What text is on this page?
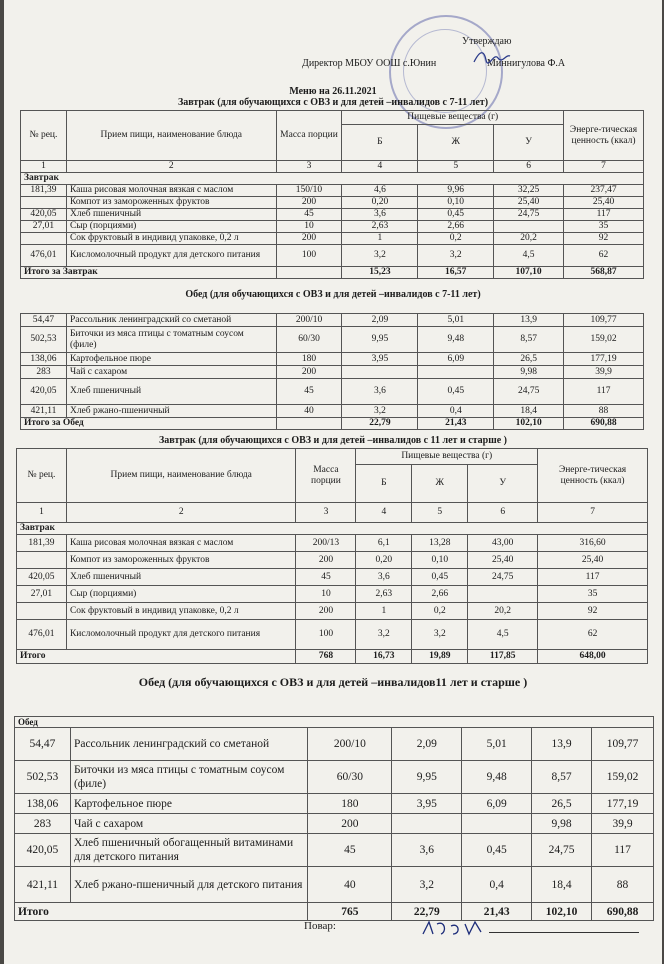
Утверждаю
Директор МБОУ ООШ с.Юнин	Миннигулова Ф.А
Меню на 26.11.2021
Завтрак (для обучающихся с ОВЗ и для детей –инвалидов с 7-11 лет)
№ рец.	Прием пищи, наименование блюда	Масса порции	Пищевые вещества (г)			Энерге-тическая ценность (ккал)
			Б	Ж	У	
1	2	3	4	5	6	7
Завтрак						
181,39	Каша рисовая молочная вязкая с маслом	150/10	4,6	9,96	32,25	237,47
	Компот из замороженных фруктов	200	0,20	0,10	25,40	25,40
420,05	Хлеб пшеничный	45	3,6	0,45	24,75	117
27,01	Сыр (порциями)	10	2,63	2,66		35
	Сок фруктовый в индивид упаковке, 0,2 л	200	1	0,2	20,2	92
476,01	Кисломолочный продукт для детского питания	100	3,2	3,2	4,5	62
Итого за Завтрак			15,23	16,57	107,10	568,87
Обед (для обучающихся с ОВЗ и для детей –инвалидов с 7-11 лет)
54,47	Рассольник ленинградский со сметаной	200/10	2,09	5,01	13,9	109,77
502,53	Биточки из мяса птицы с томатным соусом (филе)	60/30	9,95	9,48	8,57	159,02
138,06	Картофельное пюре	180	3,95	6,09	26,5	177,19
283	Чай с сахаром	200			9,98	39,9
420,05	Хлеб пшеничный	45	3,6	0,45	24,75	117
421,11	Хлеб ржано-пшеничный	40	3,2	0,4	18,4	88
Итого за Обед			22,79	21,43	102,10	690,88
Завтрак (для обучающихся с ОВЗ и для детей –инвалидов с 11 лет и старше )
№ рец.	Прием пищи, наименование блюда	Масса порции	Пищевые вещества (г)			Энерге-тическая ценность (ккал)
			Б	Ж	У	
1	2	3	4	5	6	7
Завтрак						
181,39	Каша рисовая молочная вязкая с маслом	200/13	6,1	13,28	43,00	316,60
	Компот из замороженных фруктов	200	0,20	0,10	25,40	25,40
420,05	Хлеб пшеничный	45	3,6	0,45	24,75	117
27,01	Сыр (порциями)	10	2,63	2,66		35
	Сок фруктовый в индивид упаковке, 0,2 л	200	1	0,2	20,2	92
476,01	Кисломолочный продукт для детского питания	100	3,2	3,2	4,5	62
Итого		768	16,73	19,89	117,85	648,00
Обед (для обучающихся с ОВЗ и для детей –инвалидов11 лет и старше )
Обед						
54,47	Рассольник ленинградский со сметаной	200/10	2,09	5,01	13,9	109,77
502,53	Биточки из мяса птицы с томатным соусом (филе)	60/30	9,95	9,48	8,57	159,02
138,06	Картофельное пюре	180	3,95	6,09	26,5	177,19
283	Чай с сахаром	200			9,98	39,9
420,05	Хлеб пшеничный обогащенный витаминами для детского питания	45	3,6	0,45	24,75	117
421,11	Хлеб ржано-пшеничный для детского питания	40	3,2	0,4	18,4	88
Итого		765	22,79	21,43	102,10	690,88
Повар:
